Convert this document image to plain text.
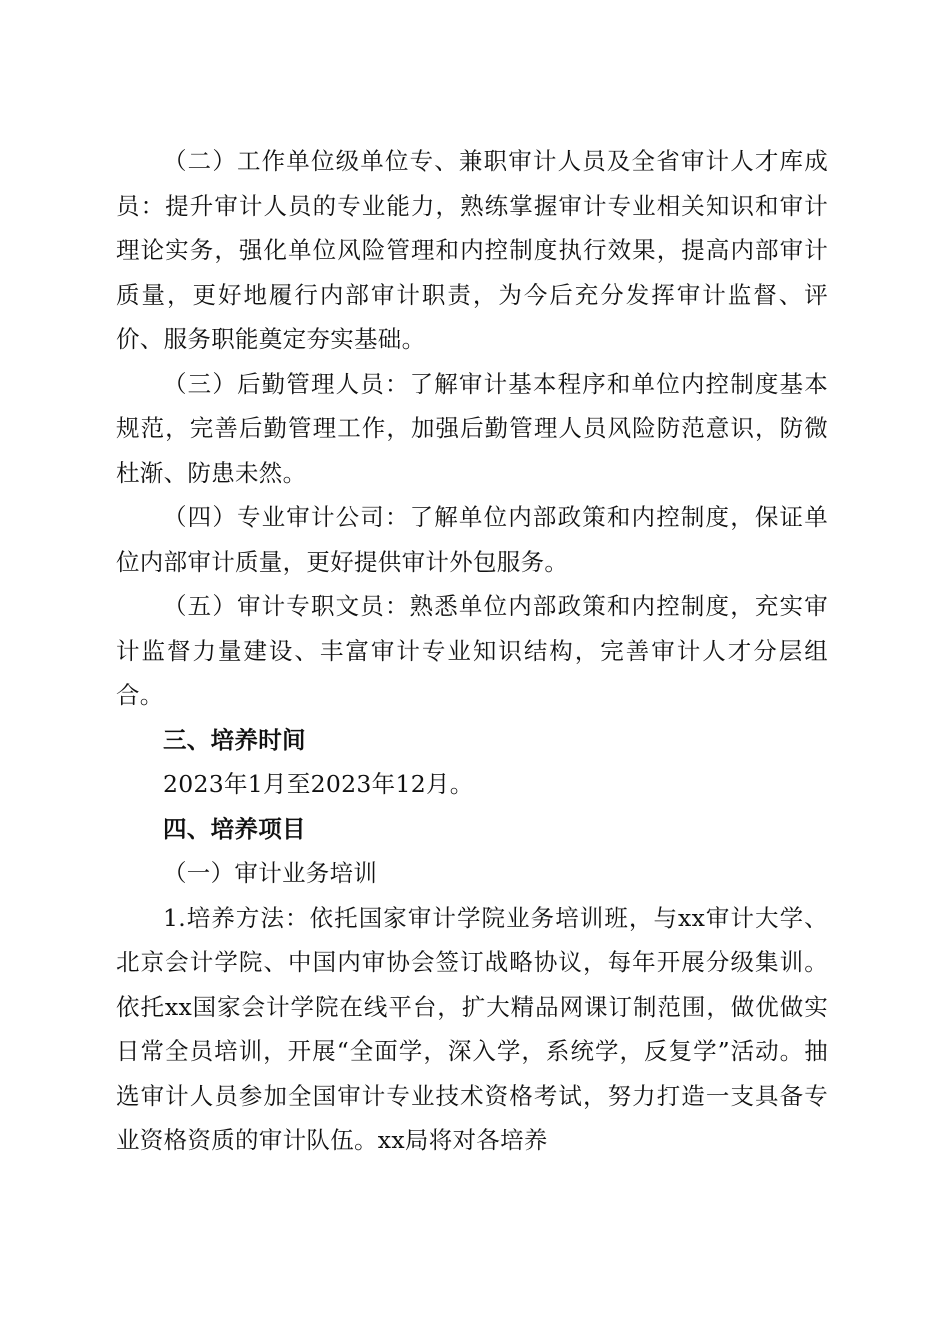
（二）工作单位级单位专、兼职审计人员及全省审计人才库成员：提升审计人员的专业能力，熟练掌握审计专业相关知识和审计理论实务，强化单位风险管理和内控制度执行效果，提高内部审计质量，更好地履行内部审计职责，为今后充分发挥审计监督、评价、服务职能奠定夯实基础。

（三）后勤管理人员：了解审计基本程序和单位内控制度基本规范，完善后勤管理工作，加强后勤管理人员风险防范意识，防微杜渐、防患未然。

（四）专业审计公司：了解单位内部政策和内控制度，保证单位内部审计质量，更好提供审计外包服务。

（五）审计专职文员：熟悉单位内部政策和内控制度，充实审计监督力量建设、丰富审计专业知识结构，完善审计人才分层组合。

三、培养时间

2023年1月至2023年12月。

四、培养项目

（一）审计业务培训

1.培养方法：依托国家审计学院业务培训班，与xx审计大学、北京会计学院、中国内审协会签订战略协议，每年开展分级集训。依托xx国家会计学院在线平台，扩大精品网课订制范围，做优做实日常全员培训，开展“全面学，深入学，系统学，反复学”活动。抽选审计人员参加全国审计专业技术资格考试，努力打造一支具备专业资格资质的审计队伍。xx局将对各培养
